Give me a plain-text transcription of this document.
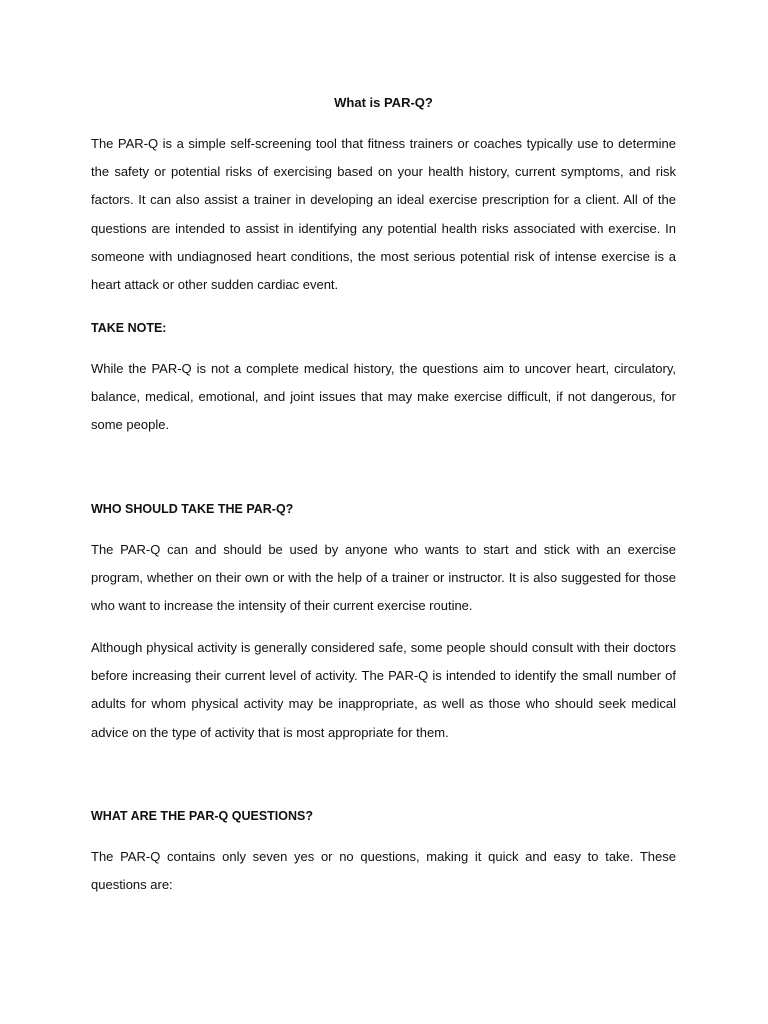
What is PAR-Q?

The PAR-Q is a simple self-screening tool that fitness trainers or coaches typically use to determine the safety or potential risks of exercising based on your health history, current symptoms, and risk factors. It can also assist a trainer in developing an ideal exercise prescription for a client. All of the questions are intended to assist in identifying any potential health risks associated with exercise. In someone with undiagnosed heart conditions, the most serious potential risk of intense exercise is a heart attack or other sudden cardiac event.

TAKE NOTE:

While the PAR-Q is not a complete medical history, the questions aim to uncover heart, circulatory, balance, medical, emotional, and joint issues that may make exercise difficult, if not dangerous, for some people.

WHO SHOULD TAKE THE PAR-Q?

The PAR-Q can and should be used by anyone who wants to start and stick with an exercise program, whether on their own or with the help of a trainer or instructor. It is also suggested for those who want to increase the intensity of their current exercise routine.

Although physical activity is generally considered safe, some people should consult with their doctors before increasing their current level of activity. The PAR-Q is intended to identify the small number of adults for whom physical activity may be inappropriate, as well as those who should seek medical advice on the type of activity that is most appropriate for them.

WHAT ARE THE PAR-Q QUESTIONS?

The PAR-Q contains only seven yes or no questions, making it quick and easy to take. These questions are:
